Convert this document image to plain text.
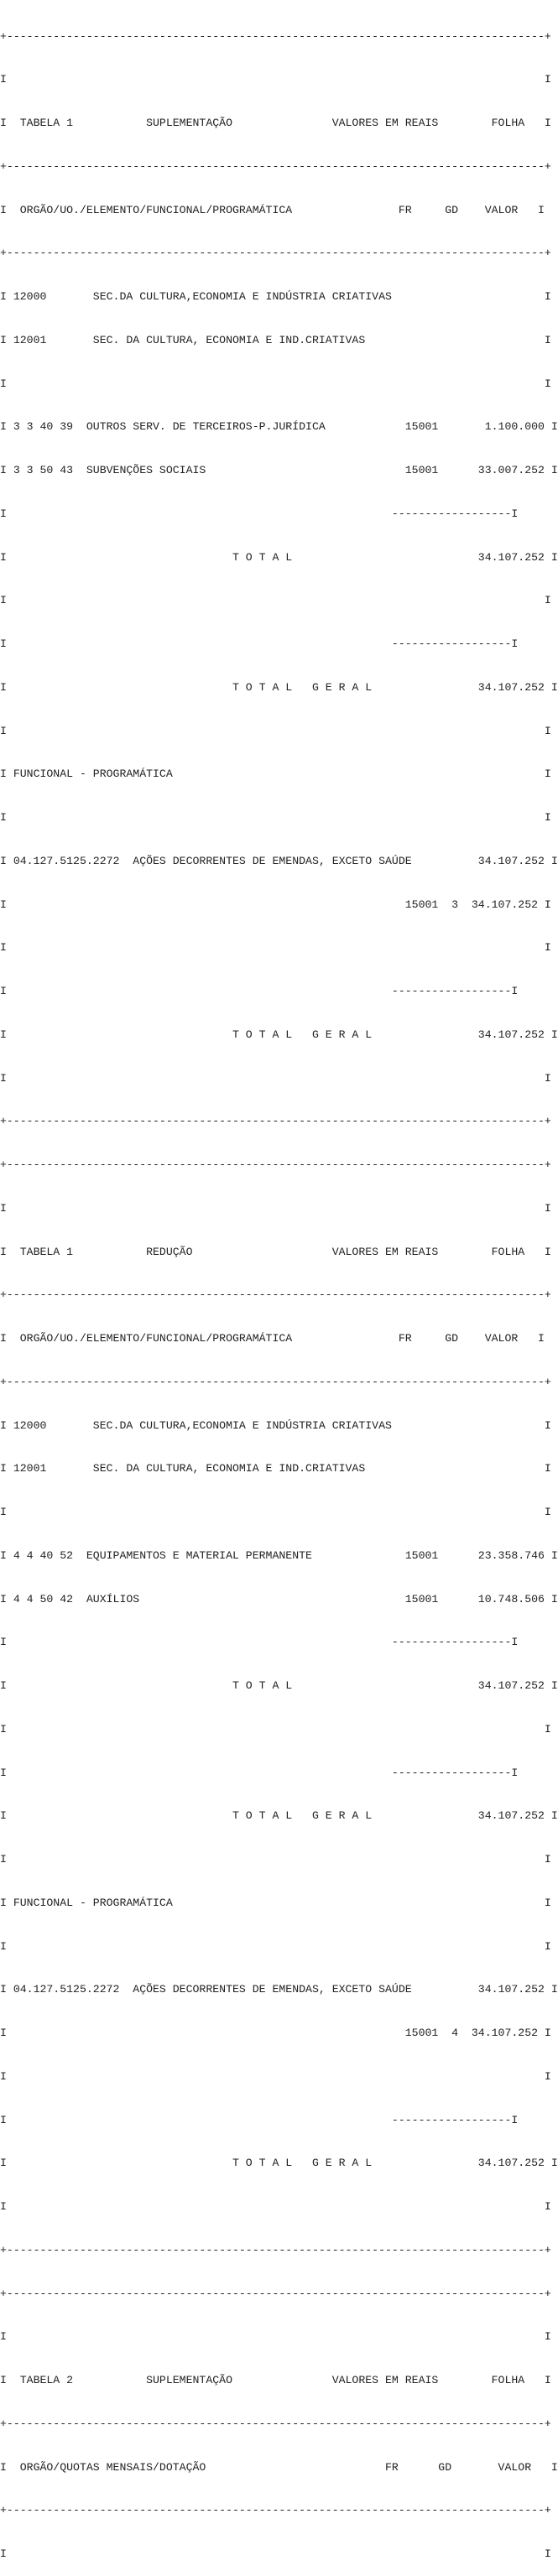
+---------------------------------------------------------------------------------+

I                                                                                 I

I  TABELA 1           SUPLEMENTAÇÃO               VALORES EM REAIS        FOLHA   I

+---------------------------------------------------------------------------------+

I  ORGÃO/UO./ELEMENTO/FUNCIONAL/PROGRAMÁTICA                FR     GD    VALOR   I

+---------------------------------------------------------------------------------+

I 12000       SEC.DA CULTURA,ECONOMIA E INDÚSTRIA CRIATIVAS                       I

I 12001       SEC. DA CULTURA, ECONOMIA E IND.CRIATIVAS                           I

I                                                                                 I

I 3 3 40 39  OUTROS SERV. DE TERCEIROS-P.JURÍDICA            15001       1.100.000 I

I 3 3 50 43  SUBVENÇÕES SOCIAIS                              15001      33.007.252 I

I                                                          ------------------I

I                                  T O T A L                            34.107.252 I

I                                                                                 I

I                                                          ------------------I

I                                  T O T A L   G E R A L                34.107.252 I

I                                                                                 I

I FUNCIONAL - PROGRAMÁTICA                                                        I

I                                                                                 I

I 04.127.5125.2272  AÇÕES DECORRENTES DE EMENDAS, EXCETO SAÚDE          34.107.252 I

I                                                            15001  3  34.107.252 I

I                                                                                 I

I                                                          ------------------I

I                                  T O T A L   G E R A L                34.107.252 I

I                                                                                 I

+---------------------------------------------------------------------------------+

+---------------------------------------------------------------------------------+

I                                                                                 I

I  TABELA 1           REDUÇÃO                     VALORES EM REAIS        FOLHA   I

+---------------------------------------------------------------------------------+

I  ORGÃO/UO./ELEMENTO/FUNCIONAL/PROGRAMÁTICA                FR     GD    VALOR   I

+---------------------------------------------------------------------------------+

I 12000       SEC.DA CULTURA,ECONOMIA E INDÚSTRIA CRIATIVAS                       I

I 12001       SEC. DA CULTURA, ECONOMIA E IND.CRIATIVAS                           I

I                                                                                 I

I 4 4 40 52  EQUIPAMENTOS E MATERIAL PERMANENTE              15001      23.358.746 I

I 4 4 50 42  AUXÍLIOS                                        15001      10.748.506 I

I                                                          ------------------I

I                                  T O T A L                            34.107.252 I

I                                                                                 I

I                                                          ------------------I

I                                  T O T A L   G E R A L                34.107.252 I

I                                                                                 I

I FUNCIONAL - PROGRAMÁTICA                                                        I

I                                                                                 I

I 04.127.5125.2272  AÇÕES DECORRENTES DE EMENDAS, EXCETO SAÚDE          34.107.252 I

I                                                            15001  4  34.107.252 I

I                                                                                 I

I                                                          ------------------I

I                                  T O T A L   G E R A L                34.107.252 I

I                                                                                 I

+---------------------------------------------------------------------------------+

+---------------------------------------------------------------------------------+

I                                                                                 I

I  TABELA 2           SUPLEMENTAÇÃO               VALORES EM REAIS        FOLHA   I

+---------------------------------------------------------------------------------+

I  ORGÃO/QUOTAS MENSAIS/DOTAÇÃO                           FR      GD       VALOR   I

+---------------------------------------------------------------------------------+

I                                                                                 I
